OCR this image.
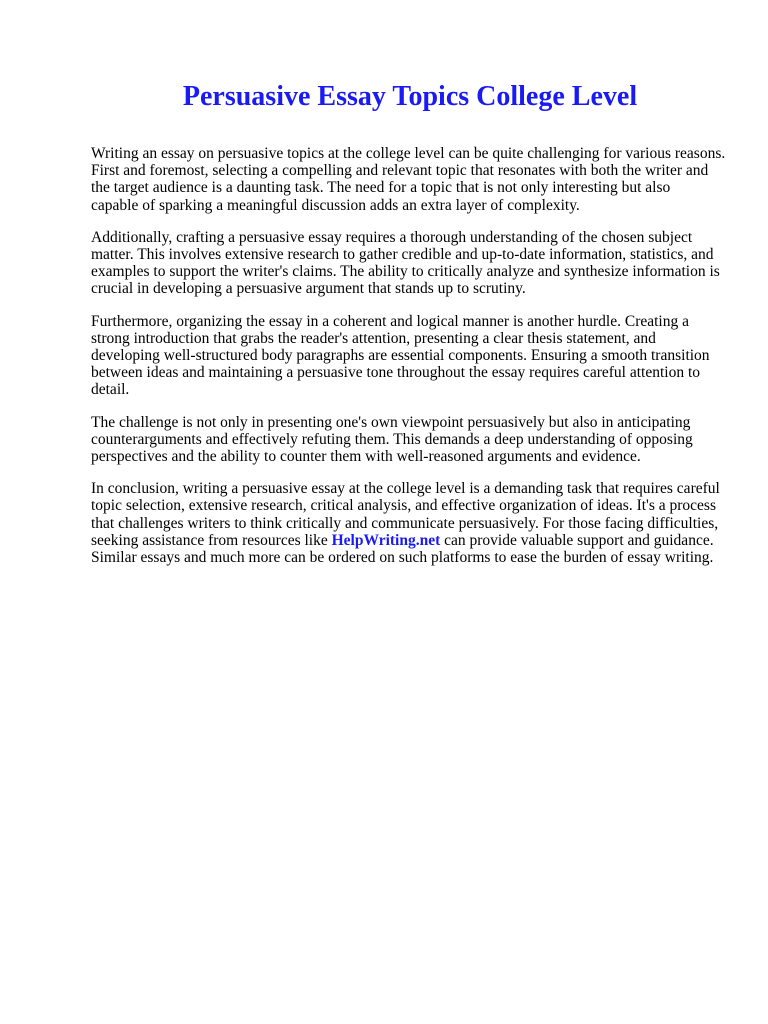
Persuasive Essay Topics College Level

Writing an essay on persuasive topics at the college level can be quite challenging for various reasons.
First and foremost, selecting a compelling and relevant topic that resonates with both the writer and
the target audience is a daunting task. The need for a topic that is not only interesting but also
capable of sparking a meaningful discussion adds an extra layer of complexity.

Additionally, crafting a persuasive essay requires a thorough understanding of the chosen subject
matter. This involves extensive research to gather credible and up-to-date information, statistics, and
examples to support the writer's claims. The ability to critically analyze and synthesize information is
crucial in developing a persuasive argument that stands up to scrutiny.

Furthermore, organizing the essay in a coherent and logical manner is another hurdle. Creating a
strong introduction that grabs the reader's attention, presenting a clear thesis statement, and
developing well-structured body paragraphs are essential components. Ensuring a smooth transition
between ideas and maintaining a persuasive tone throughout the essay requires careful attention to
detail.

The challenge is not only in presenting one's own viewpoint persuasively but also in anticipating
counterarguments and effectively refuting them. This demands a deep understanding of opposing
perspectives and the ability to counter them with well-reasoned arguments and evidence.

In conclusion, writing a persuasive essay at the college level is a demanding task that requires careful
topic selection, extensive research, critical analysis, and effective organization of ideas. It's a process
that challenges writers to think critically and communicate persuasively. For those facing difficulties,
seeking assistance from resources like HelpWriting.net can provide valuable support and guidance.
Similar essays and much more can be ordered on such platforms to ease the burden of essay writing.
